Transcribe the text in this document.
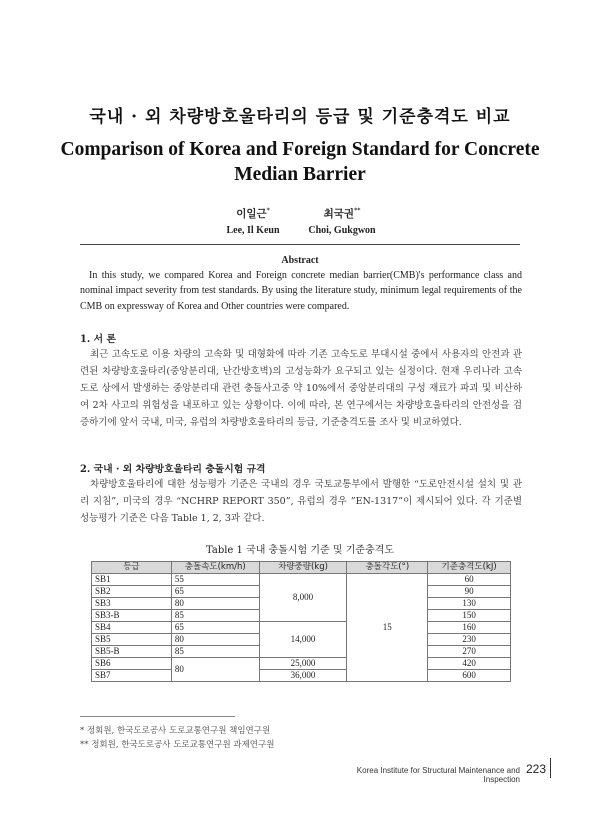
국내 · 외 차량방호울타리의 등급 및 기준충격도 비교
Comparison of Korea and Foreign Standard for Concrete Median Barrier
이일근*
Lee, Il Keun
최국권**
Choi, Gukgwon
Abstract
In this study, we compared Korea and Foreign concrete median barrier(CMB)'s performance class and nominal impact severity from test standards. By using the literature study, minimum legal requirements of the CMB on expressway of Korea and Other countries were compared.
1. 서 론
최근 고속도로 이용 차량의 고속화 및 대형화에 따라 기존 고속도로 부대시설 중에서 사용자의 안전과 관련된 차량방호울타리(중앙분리대, 난간방호벽)의 고성능화가 요구되고 있는 실정이다. 현재 우리나라 고속도로 상에서 발생하는 중앙분리대 관련 충돌사고중 약 10%에서 중앙분리대의 구성 재료가 파괴 및 비산하여 2차 사고의 위험성을 내포하고 있는 상황이다. 이에 따라, 본 연구에서는 차량방호울타리의 안전성을 검증하기에 앞서 국내, 미국, 유럽의 차량방호울타리의 등급, 기준충격도를 조사 및 비교하였다.
2. 국내 · 외 차량방호울타리 충돌시험 규격
차량방호울타리에 대한 성능평가 기준은 국내의 경우 국토교통부에서 발행한 “도로안전시설 설치 및 관리 지침”, 미국의 경우 “NCHRP REPORT 350”, 유럽의 경우 ”EN-1317”이 제시되어 있다. 각 기준별 성능평가 기준은 다음 Table 1, 2, 3과 같다.
Table 1 국내 충돌시험 기준 및 기준충격도
등급	충돌속도(km/h)	차량중량(kg)	충돌각도(°)	기준충격도(kJ)
SB1	55	8,000	15	60
SB2	65			90
SB3	80			130
SB3-B	85			150
SB4	65	14,000		160
SB5	80			230
SB5-B	85			270
SB6	80	25,000		420
SB7		36,000		600
* 정회원, 한국도로공사 도로교통연구원 책임연구원
** 정회원, 한국도로공사 도로교통연구원 과제연구원
Korea Institute for Structural Maintenance and Inspection
223
